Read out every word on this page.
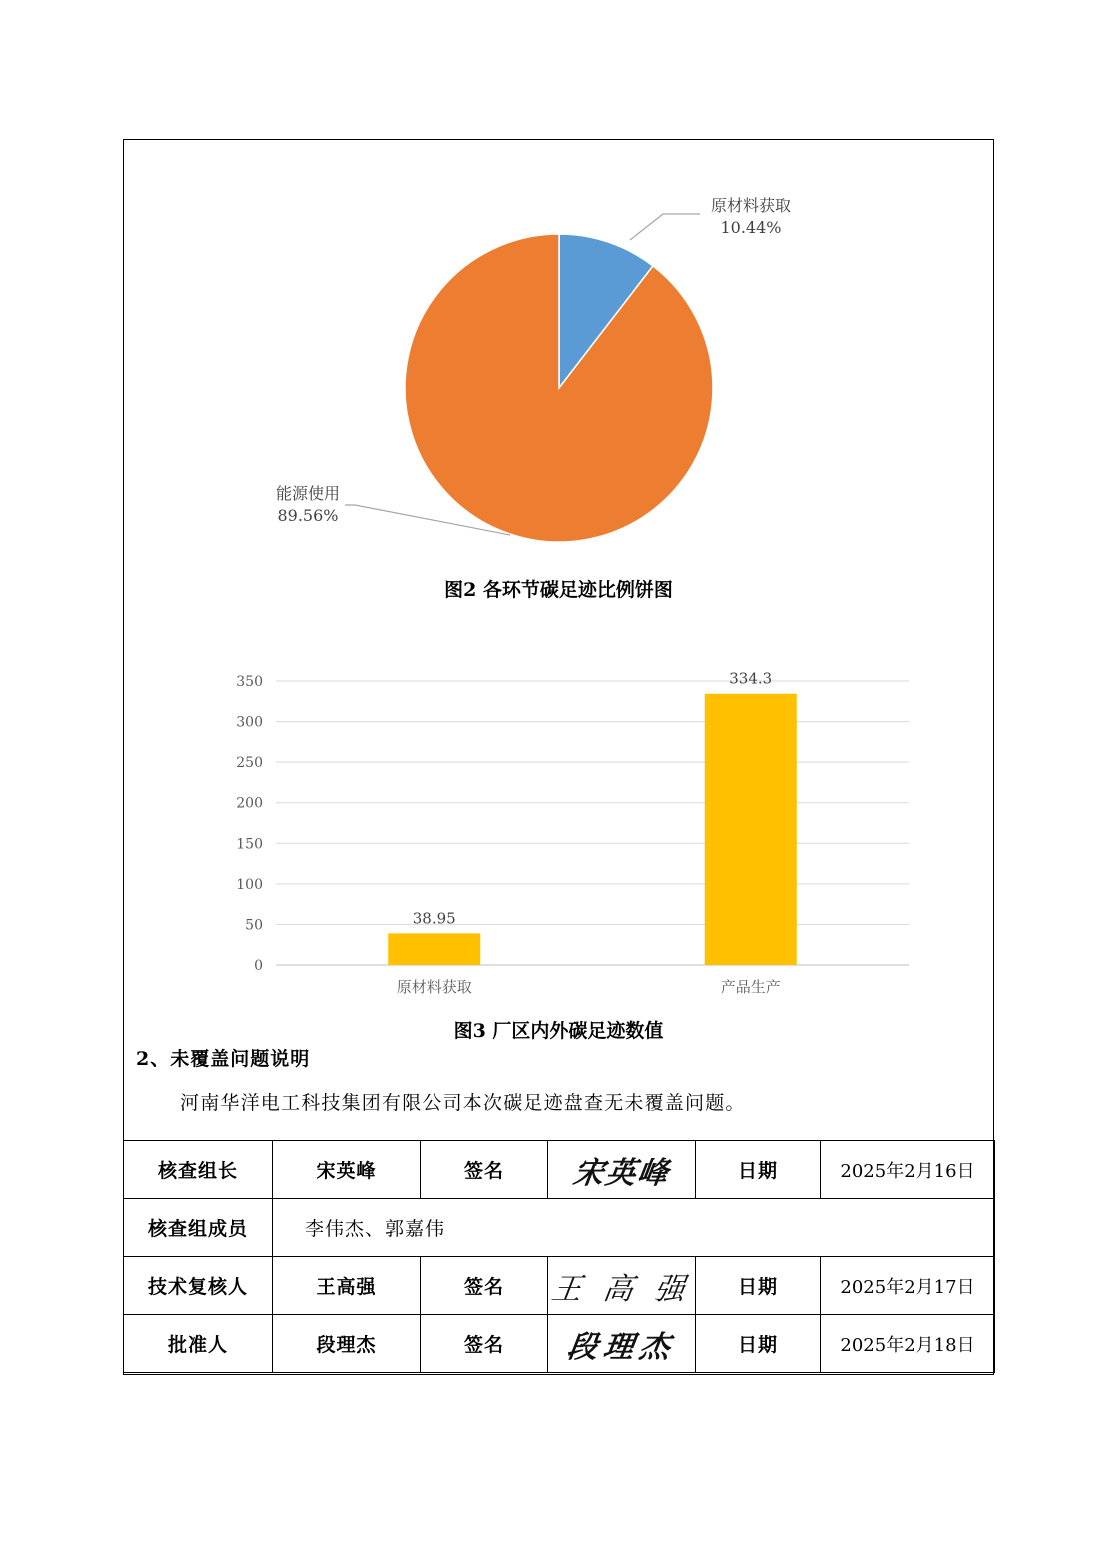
原材料获取
10.44%
能源使用
89.56%
0
50
100
150
200
250
300
350
38.95
原材料获取
334.3
产品生产
图2 各环节碳足迹比例饼图
图3 厂区内外碳足迹数值
2、未覆盖问题说明
河南华洋电工科技集团有限公司本次碳足迹盘查无未覆盖问题。
核查组长	宋英峰	签名	宋英峰	日期	2025年2月16日
核查组成员	李伟杰、郭嘉伟				
技术复核人	王高强	签名	王 高 强	日期	2025年2月17日
批准人	段理杰	签名	段理杰	日期	2025年2月18日
